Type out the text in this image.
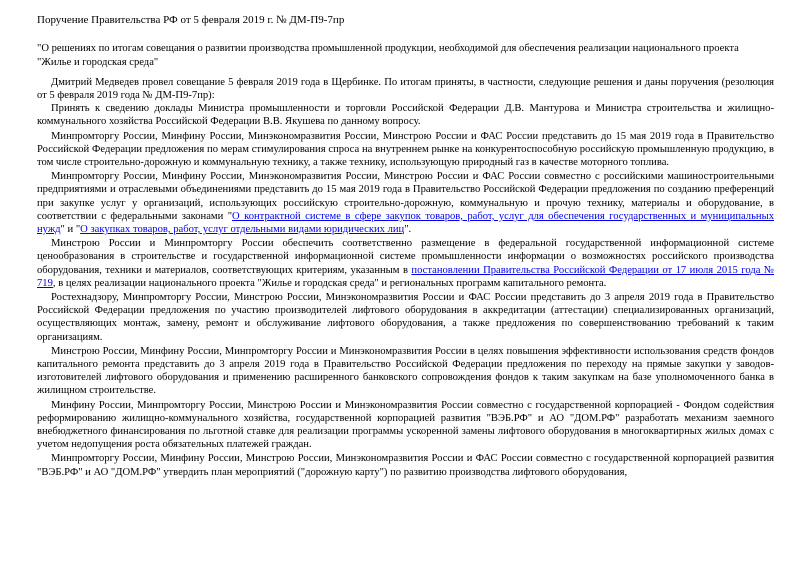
Поручение Правительства РФ от 5 февраля 2019 г. № ДМ-П9-7пр

"О решениях по итогам совещания о развитии производства промышленной продукции, необходимой для обеспечения реализации национального проекта "Жилье и городская среда"

Дмитрий Медведев провел совещание 5 февраля 2019 года в Щербинке. По итогам приняты, в частности, следующие решения и даны поручения (резолюция от 5 февраля 2019 года № ДМ-П9-7пр):

Принять к сведению доклады Министра промышленности и торговли Российской Федерации Д.В. Мантурова и Министра строительства и жилищно-коммунального хозяйства Российской Федерации В.В. Якушева по данному вопросу.

Минпромторгу России, Минфину России, Минэкономразвития России, Минстрою России и ФАС России представить до 15 мая 2019 года в Правительство Российской Федерации предложения по мерам стимулирования спроса на внутреннем рынке на конкурентоспособную российскую промышленную продукцию, в том числе строительно-дорожную и коммунальную технику, а также технику, использующую природный газ в качестве моторного топлива.

Минпромторгу России, Минфину России, Минэкономразвития России, Минстрою России и ФАС России совместно с российскими машиностроительными предприятиями и отраслевыми объединениями представить до 15 мая 2019 года в Правительство Российской Федерации предложения по созданию преференций при закупке услуг у организаций, использующих российскую строительно-дорожную, коммунальную и прочую технику, материалы и оборудование, в соответствии с федеральными законами "О контрактной системе в сфере закупок товаров, работ, услуг для обеспечения государственных и муниципальных нужд" и "О закупках товаров, работ, услуг отдельными видами юридических лиц".

Минстрою России и Минпромторгу России обеспечить соответственно размещение в федеральной государственной информационной системе ценообразования в строительстве и государственной информационной системе промышленности информации о возможностях российского производства оборудования, техники и материалов, соответствующих критериям, указанным в постановлении Правительства Российской Федерации от 17 июля 2015 года № 719, в целях реализации национального проекта "Жилье и городская среда" и региональных программ капитального ремонта.

Ростехнадзору, Минпромторгу России, Минстрою России, Минэкономразвития России и ФАС России представить до 3 апреля 2019 года в Правительство Российской Федерации предложения по участию производителей лифтового оборудования в аккредитации (аттестации) специализированных организаций, осуществляющих монтаж, замену, ремонт и обслуживание лифтового оборудования, а также предложения по совершенствованию требований к таким организациям.

Минстрою России, Минфину России, Минпромторгу России и Минэкономразвития России в целях повышения эффективности использования средств фондов капитального ремонта представить до 3 апреля 2019 года в Правительство Российской Федерации предложения по переходу на прямые закупки у заводов-изготовителей лифтового оборудования и применению расширенного банковского сопровождения фондов к таким закупкам на базе уполномоченного банка в жилищном строительстве.

Минфину России, Минпромторгу России, Минстрою России и Минэкономразвития России совместно с государственной корпорацией - Фондом содействия реформированию жилищно-коммунального хозяйства, государственной корпорацией развития "ВЭБ.РФ" и АО "ДОМ.РФ" разработать механизм заемного внебюджетного финансирования по льготной ставке для реализации программы ускоренной замены лифтового оборудования в многоквартирных жилых домах с учетом недопущения роста обязательных платежей граждан.

Минпромторгу России, Минфину России, Минстрою России, Минэкономразвития России и ФАС России совместно с государственной корпорацией развития "ВЭБ.РФ" и АО "ДОМ.РФ" утвердить план мероприятий ("дорожную карту") по развитию производства лифтового оборудования,
